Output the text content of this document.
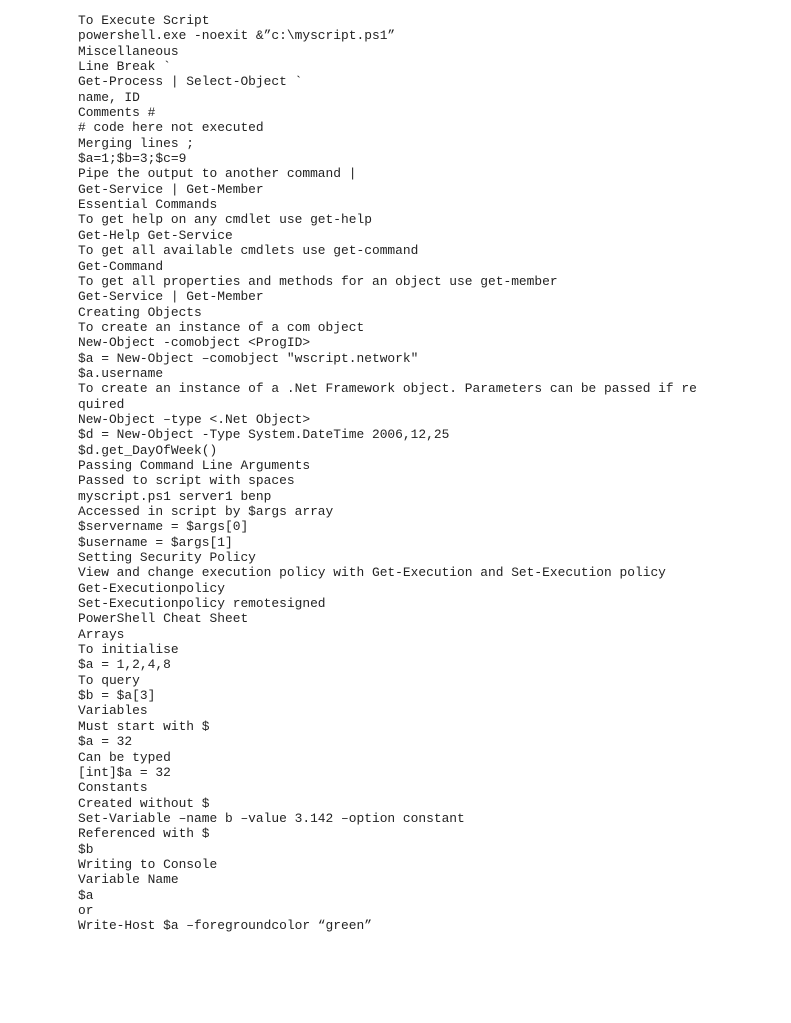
To Execute Script
powershell.exe -noexit &”c:\myscript.ps1”
Miscellaneous
Line Break `
Get-Process | Select-Object `
name, ID
Comments #
# code here not executed
Merging lines ;
$a=1;$b=3;$c=9
Pipe the output to another command |
Get-Service | Get-Member
Essential Commands
To get help on any cmdlet use get-help
Get-Help Get-Service
To get all available cmdlets use get-command
Get-Command
To get all properties and methods for an object use get-member
Get-Service | Get-Member
Creating Objects
To create an instance of a com object
New-Object -comobject <ProgID>
$a = New-Object –comobject "wscript.network"
$a.username
To create an instance of a .Net Framework object. Parameters can be passed if re
quired
New-Object –type <.Net Object>
$d = New-Object -Type System.DateTime 2006,12,25
$d.get_DayOfWeek()
Passing Command Line Arguments
Passed to script with spaces
myscript.ps1 server1 benp
Accessed in script by $args array
$servername = $args[0]
$username = $args[1]
Setting Security Policy
View and change execution policy with Get-Execution and Set-Execution policy
Get-Executionpolicy
Set-Executionpolicy remotesigned
PowerShell Cheat Sheet
Arrays
To initialise
$a = 1,2,4,8
To query
$b = $a[3]
Variables
Must start with $
$a = 32
Can be typed
[int]$a = 32
Constants
Created without $
Set-Variable –name b –value 3.142 –option constant
Referenced with $
$b
Writing to Console
Variable Name
$a
or
Write-Host $a –foregroundcolor “green”
